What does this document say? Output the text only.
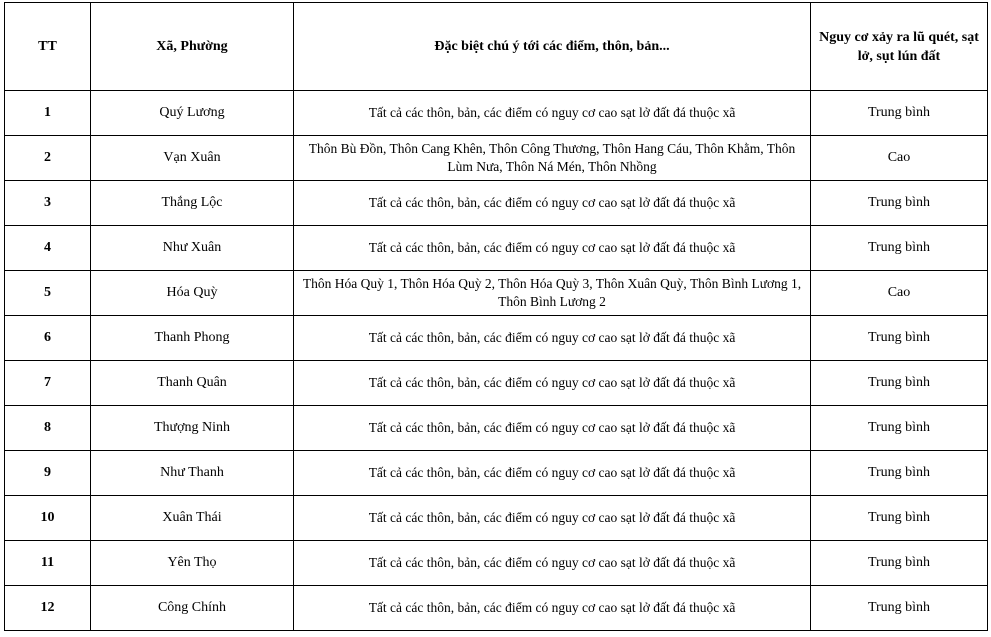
TT	Xã, Phường	Đặc biệt chú ý tới các điểm, thôn, bản...	Nguy cơ xảy ra lũ quét, sạt lở, sụt lún đất
1	Quý Lương	Tất cả các thôn, bản, các điểm có nguy cơ cao sạt lở đất đá thuộc xã	Trung bình
2	Vạn Xuân	Thôn Bù Đồn, Thôn Cang Khên, Thôn Công Thương, Thôn Hang Cáu, Thôn Khằm, Thôn Lùm Nưa, Thôn Ná Mén, Thôn Nhồng	Cao
3	Thắng Lộc	Tất cả các thôn, bản, các điểm có nguy cơ cao sạt lở đất đá thuộc xã	Trung bình
4	Như Xuân	Tất cả các thôn, bản, các điểm có nguy cơ cao sạt lở đất đá thuộc xã	Trung bình
5	Hóa Quỳ	Thôn Hóa Quỳ 1, Thôn Hóa Quỳ 2, Thôn Hóa Quỳ 3, Thôn Xuân Quỳ, Thôn Bình Lương 1, Thôn Bình Lương 2	Cao
6	Thanh Phong	Tất cả các thôn, bản, các điểm có nguy cơ cao sạt lở đất đá thuộc xã	Trung bình
7	Thanh Quân	Tất cả các thôn, bản, các điểm có nguy cơ cao sạt lở đất đá thuộc xã	Trung bình
8	Thượng Ninh	Tất cả các thôn, bản, các điểm có nguy cơ cao sạt lở đất đá thuộc xã	Trung bình
9	Như Thanh	Tất cả các thôn, bản, các điểm có nguy cơ cao sạt lở đất đá thuộc xã	Trung bình
10	Xuân Thái	Tất cả các thôn, bản, các điểm có nguy cơ cao sạt lở đất đá thuộc xã	Trung bình
11	Yên Thọ	Tất cả các thôn, bản, các điểm có nguy cơ cao sạt lở đất đá thuộc xã	Trung bình
12	Công Chính	Tất cả các thôn, bản, các điểm có nguy cơ cao sạt lở đất đá thuộc xã	Trung bình
